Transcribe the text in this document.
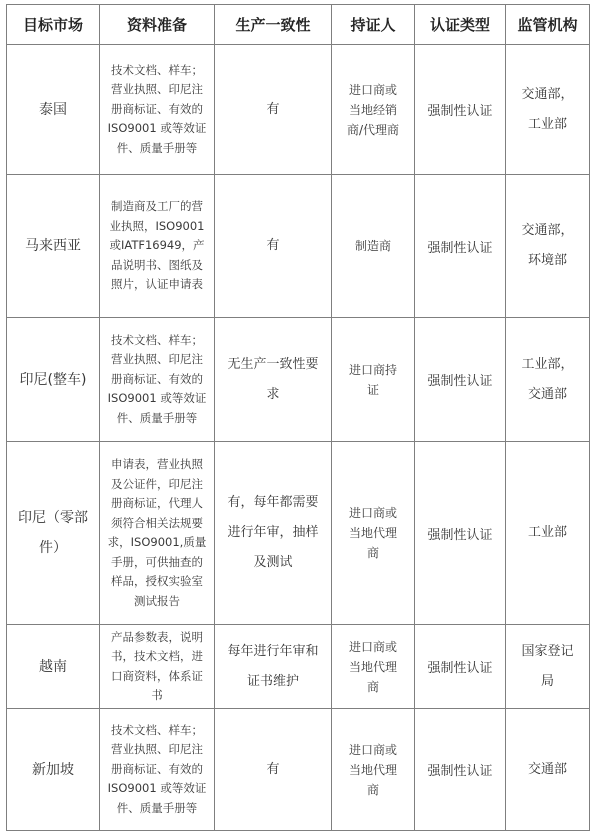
目标市场	资料准备	生产一致性	持证人	认证类型	监管机构
泰国	技术文档、样车；营业执照、印尼注册商标证、有效的 ISO9001 或等效证件、质量手册等	有	进口商或当地经销商/代理商	强制性认证	交通部，工业部
马来西亚	制造商及工厂的营业执照，ISO9001 或IATF16949，产品说明书、图纸及照片，认证申请表	有	制造商	强制性认证	交通部，环境部
印尼(整车)	技术文档、样车；营业执照、印尼注册商标证、有效的 ISO9001 或等效证件、质量手册等	无生产一致性要求	进口商持证	强制性认证	工业部，交通部
印尼（零部件）	申请表，营业执照及公证件，印尼注册商标证，代理人须符合相关法规要求，ISO9001,质量手册，可供抽查的样品，授权实验室测试报告	有，每年都需要进行年审，抽样及测试	进口商或当地代理商	强制性认证	工业部
越南	产品参数表，说明书，技术文档，进口商资料，体系证书	每年进行年审和证书维护	进口商或当地代理商	强制性认证	国家登记局
新加坡	技术文档、样车；营业执照、印尼注册商标证、有效的 ISO9001 或等效证件、质量手册等	有	进口商或当地代理商	强制性认证	交通部
